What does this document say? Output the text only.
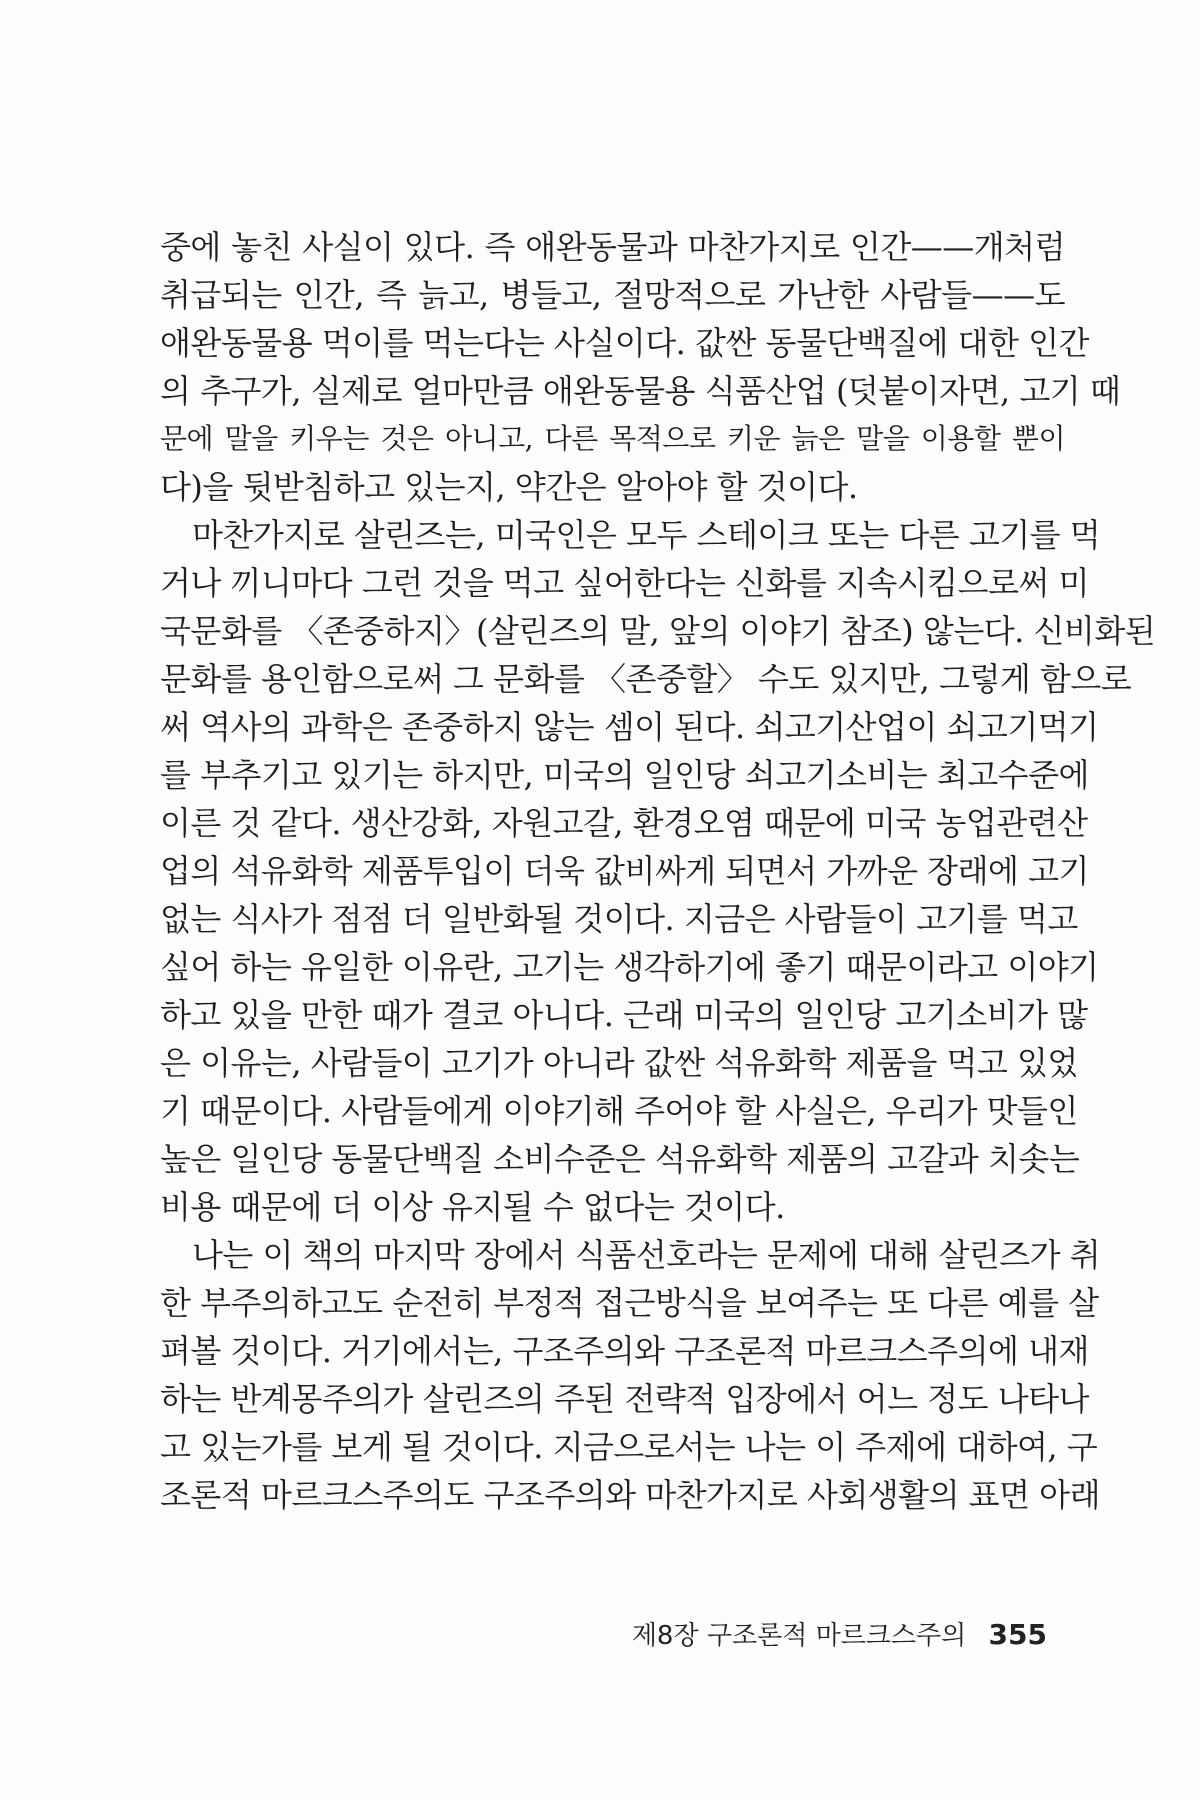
중에 놓친 사실이 있다. 즉 애완동물과 마찬가지로 인간——개처럼
취급되는 인간, 즉 늙고, 병들고, 절망적으로 가난한 사람들——도
애완동물용 먹이를 먹는다는 사실이다. 값싼 동물단백질에 대한 인간
의 추구가, 실제로 얼마만큼 애완동물용 식품산업 (덧붙이자면, 고기 때
문에 말을 키우는 것은 아니고, 다른 목적으로 키운 늙은 말을 이용할 뿐이
다)을 뒷받침하고 있는지, 약간은 알아야 할 것이다.
마찬가지로 살린즈는, 미국인은 모두 스테이크 또는 다른 고기를 먹
거나 끼니마다 그런 것을 먹고 싶어한다는 신화를 지속시킴으로써 미
국문화를 〈존중하지〉(살린즈의 말, 앞의 이야기 참조) 않는다. 신비화된
문화를 용인함으로써 그 문화를 〈존중할〉 수도 있지만, 그렇게 함으로
써 역사의 과학은 존중하지 않는 셈이 된다. 쇠고기산업이 쇠고기먹기
를 부추기고 있기는 하지만, 미국의 일인당 쇠고기소비는 최고수준에
이른 것 같다. 생산강화, 자원고갈, 환경오염 때문에 미국 농업관련산
업의 석유화학 제품투입이 더욱 값비싸게 되면서 가까운 장래에 고기
없는 식사가 점점 더 일반화될 것이다. 지금은 사람들이 고기를 먹고
싶어 하는 유일한 이유란, 고기는 생각하기에 좋기 때문이라고 이야기
하고 있을 만한 때가 결코 아니다. 근래 미국의 일인당 고기소비가 많
은 이유는, 사람들이 고기가 아니라 값싼 석유화학 제품을 먹고 있었
기 때문이다. 사람들에게 이야기해 주어야 할 사실은, 우리가 맛들인
높은 일인당 동물단백질 소비수준은 석유화학 제품의 고갈과 치솟는
비용 때문에 더 이상 유지될 수 없다는 것이다.
나는 이 책의 마지막 장에서 식품선호라는 문제에 대해 살린즈가 취
한 부주의하고도 순전히 부정적 접근방식을 보여주는 또 다른 예를 살
펴볼 것이다. 거기에서는, 구조주의와 구조론적 마르크스주의에 내재
하는 반계몽주의가 살린즈의 주된 전략적 입장에서 어느 정도 나타나
고 있는가를 보게 될 것이다. 지금으로서는 나는 이 주제에 대하여, 구
조론적 마르크스주의도 구조주의와 마찬가지로 사회생활의 표면 아래
제8장 구조론적 마르크스주의 355
